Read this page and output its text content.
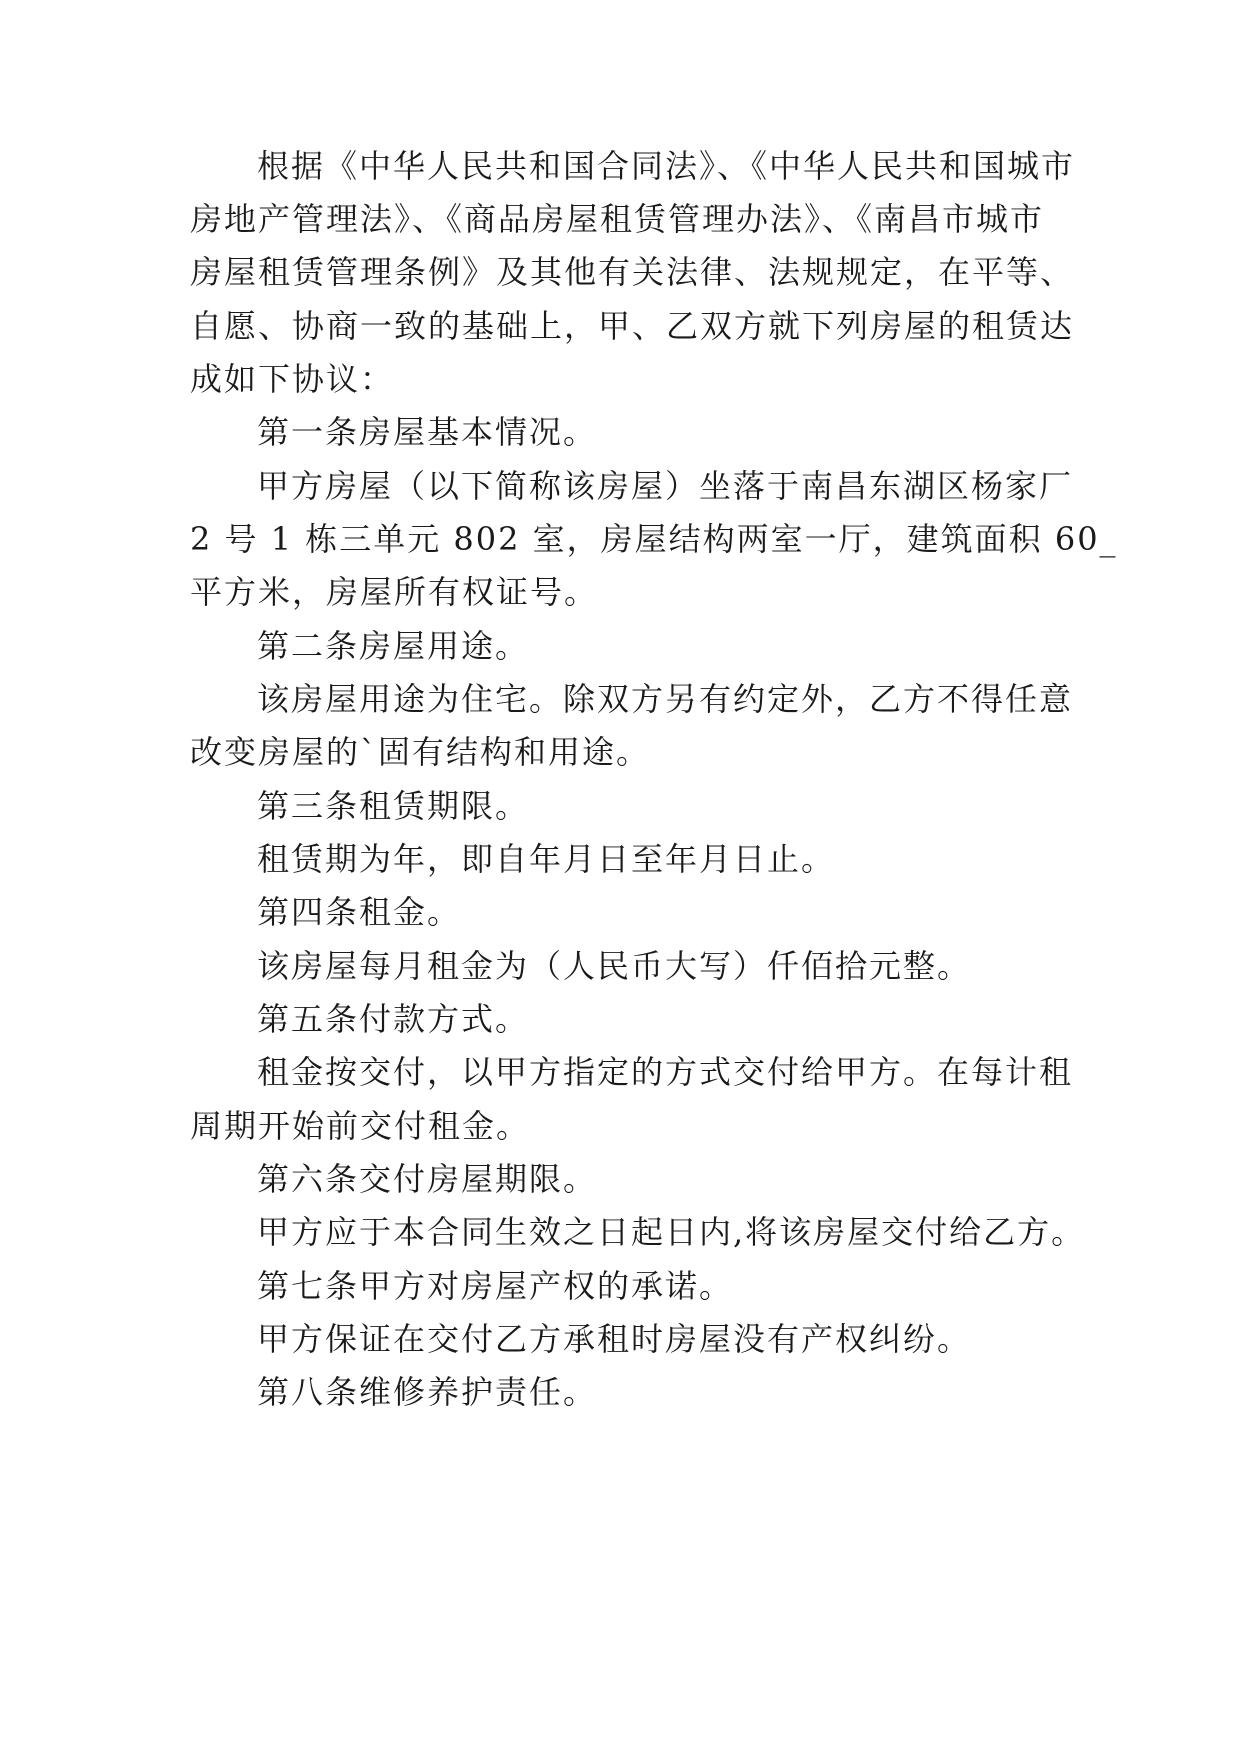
根据《中华人民共和国合同法》、《中华人民共和国城市
房地产管理法》、《商品房屋租赁管理办法》、《南昌市城市
房屋租赁管理条例》及其他有关法律、法规规定，在平等、
自愿、协商一致的基础上，甲、乙双方就下列房屋的租赁达
成如下协议：
第一条房屋基本情况。
甲方房屋（以下简称该房屋）坐落于南昌东湖区杨家厂
2 号 1 栋三单元 802 室，房屋结构两室一厅，建筑面积 60_
平方米，房屋所有权证号。
第二条房屋用途。
该房屋用途为住宅。除双方另有约定外，乙方不得任意
改变房屋的`固有结构和用途。
第三条租赁期限。
租赁期为年，即自年月日至年月日止。
第四条租金。
该房屋每月租金为（人民币大写）仟佰拾元整。
第五条付款方式。
租金按交付，以甲方指定的方式交付给甲方。在每计租
周期开始前交付租金。
第六条交付房屋期限。
甲方应于本合同生效之日起日内,将该房屋交付给乙方。
第七条甲方对房屋产权的承诺。
甲方保证在交付乙方承租时房屋没有产权纠纷。
第八条维修养护责任。
